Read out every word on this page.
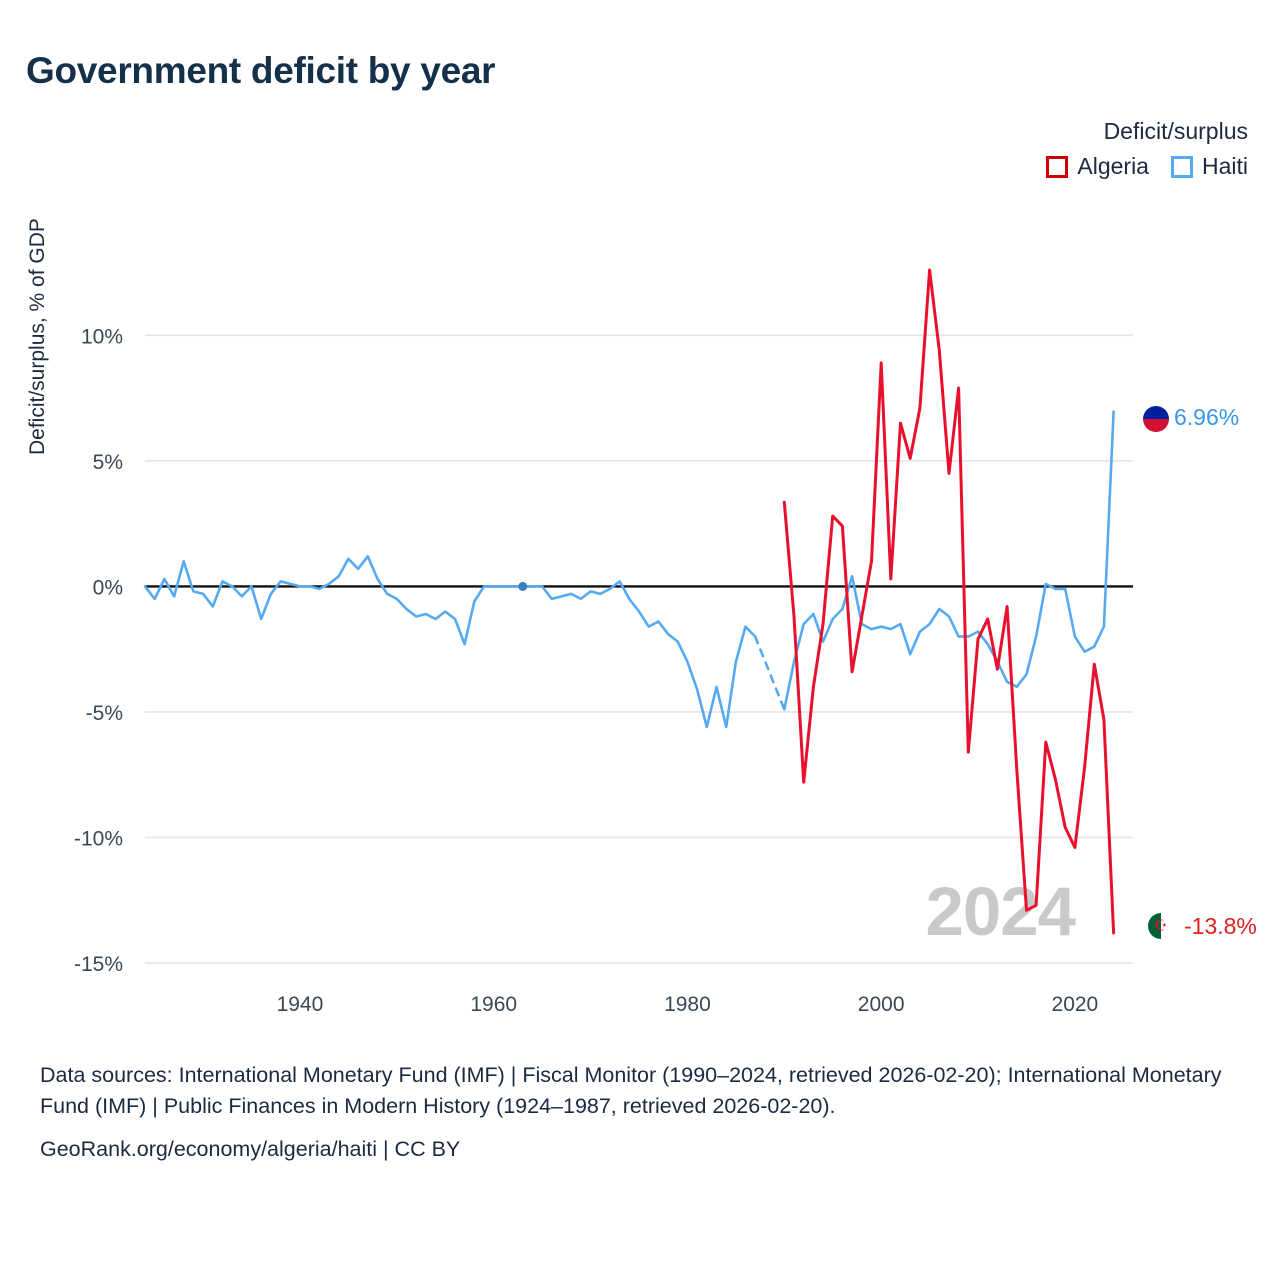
Government deficit by year
Deficit/surplus
Algeria Haiti
Deficit/surplus, % of GDP
2024
-15%
-10%
-5%
0%
5%
10%
1940	1960	1980	2000	2020
6.96%
☪ -13.8%
Data sources: International Monetary Fund (IMF) | Fiscal Monitor (1990–2024, retrieved 2026-02-20); International Monetary Fund (IMF) | Public Finances in Modern History (1924–1987, retrieved 2026-02-20).
GeoRank.org/economy/algeria/haiti | CC BY
